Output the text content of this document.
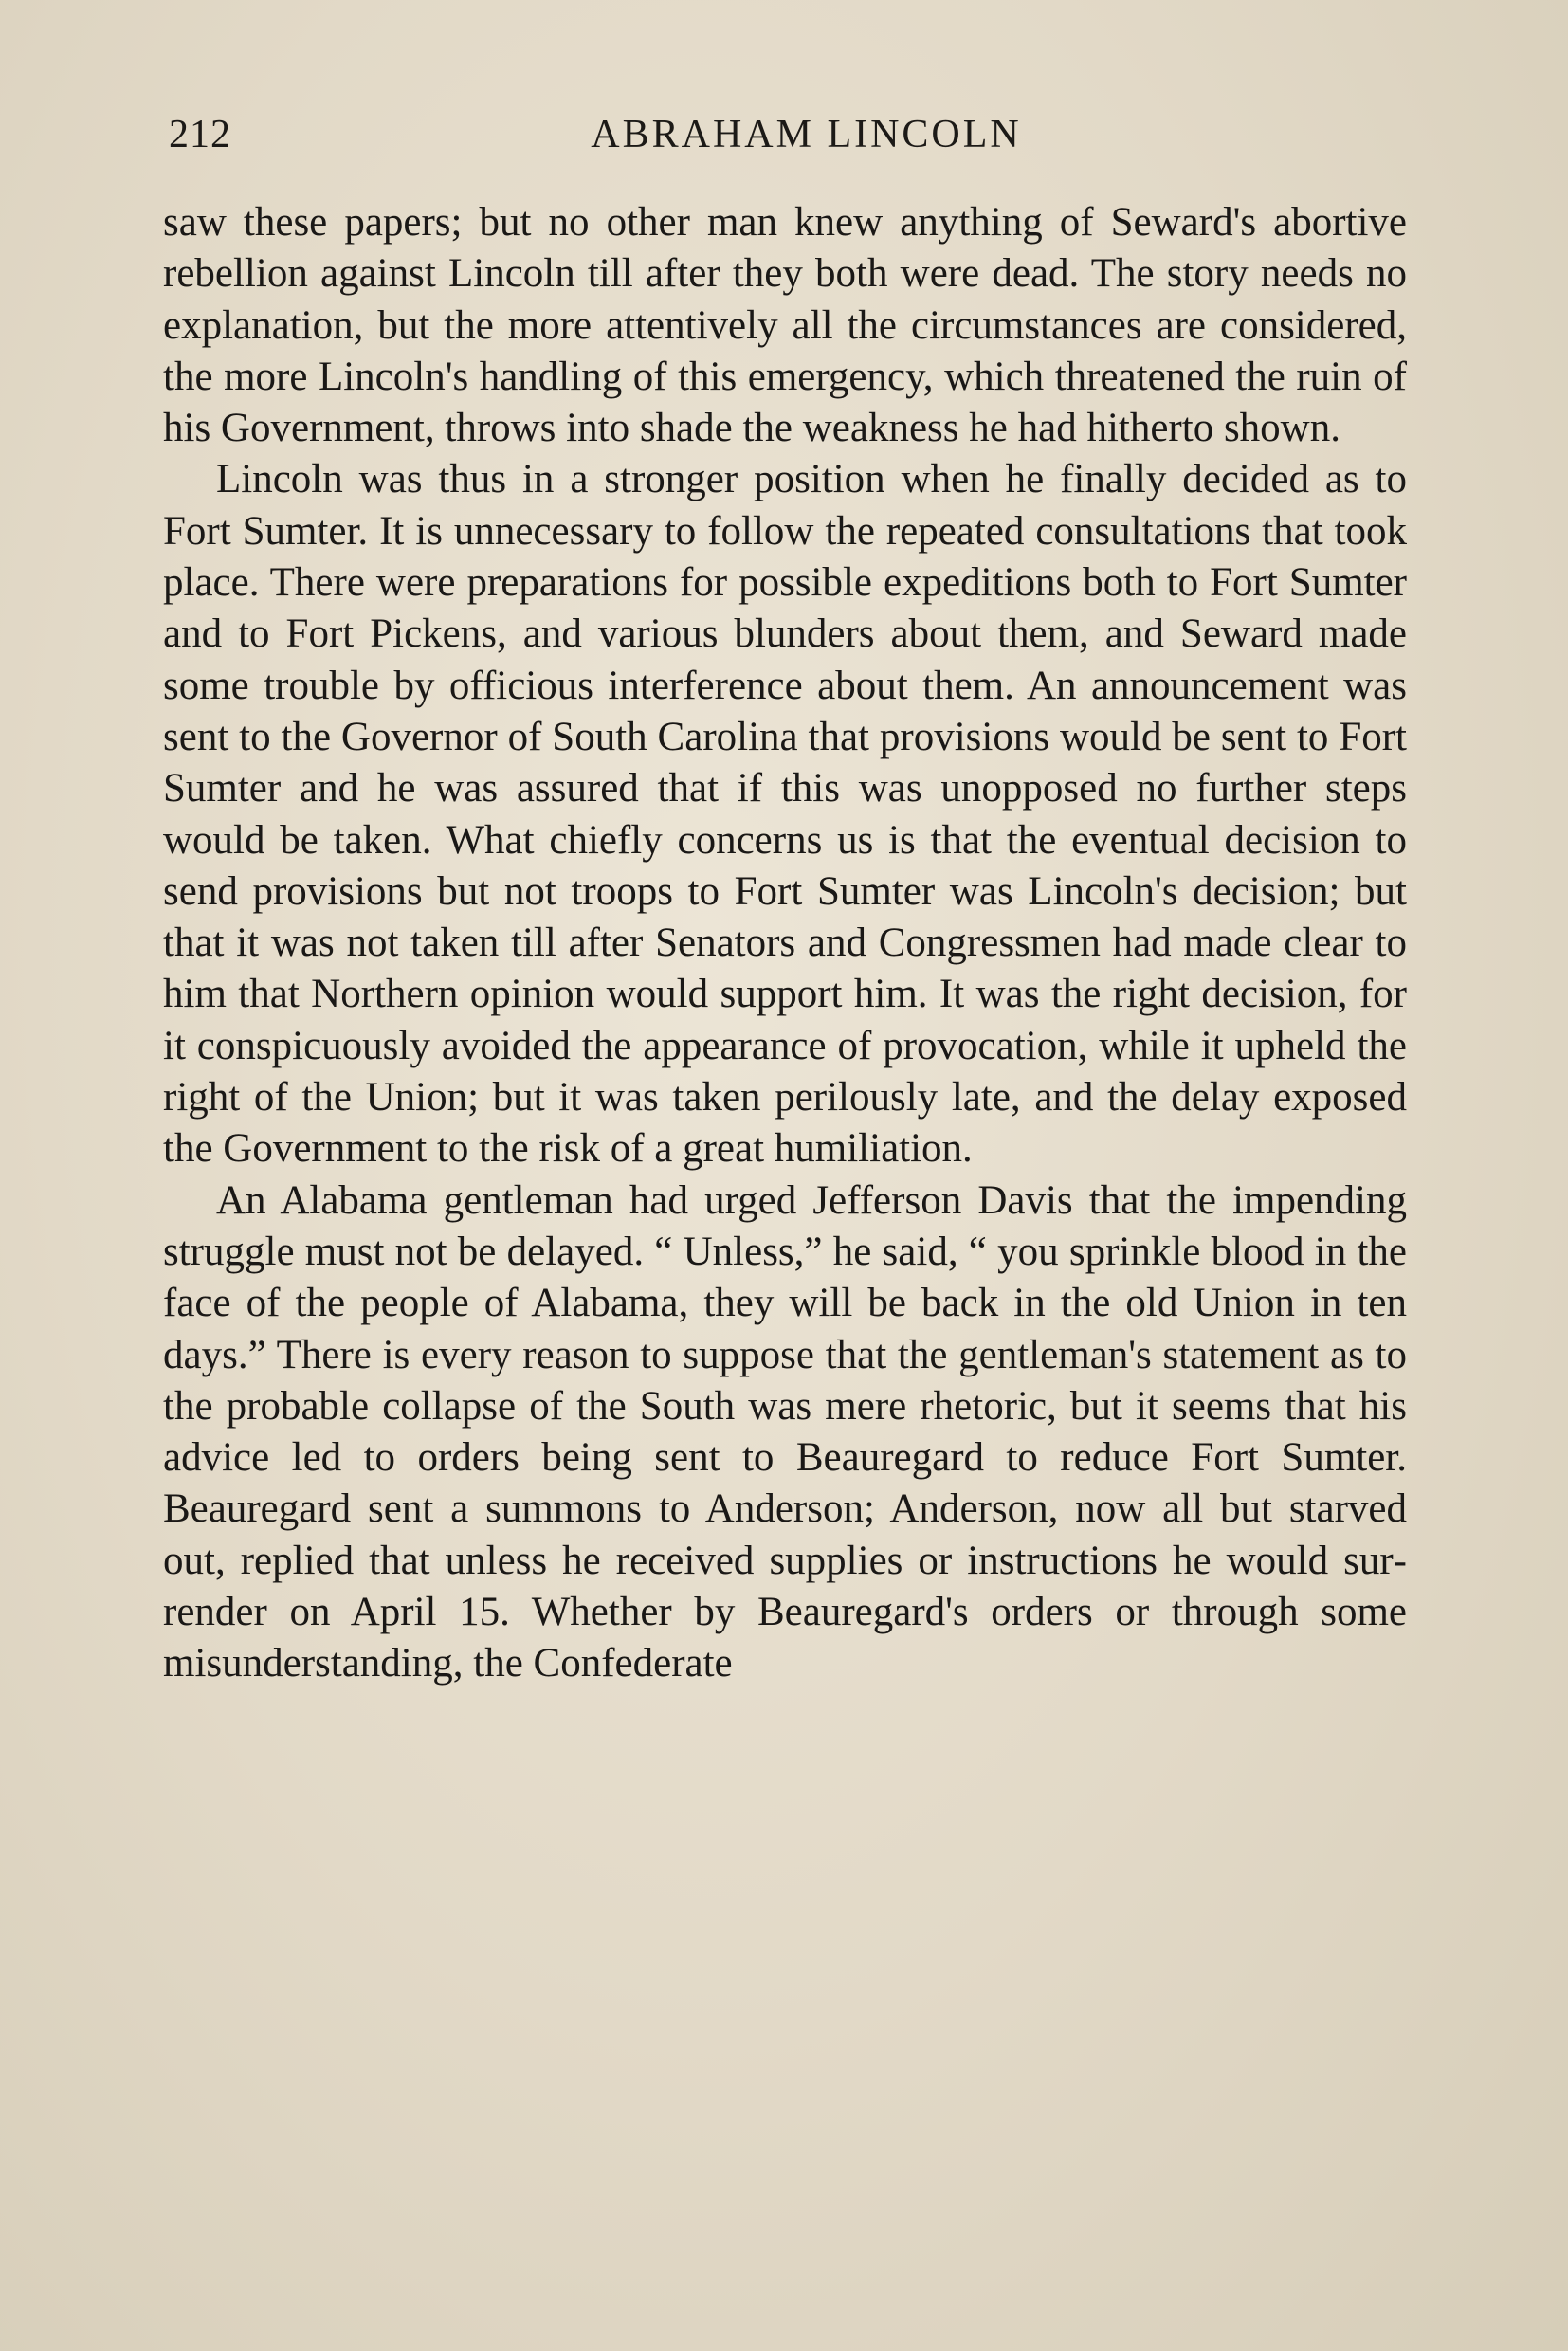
212	ABRAHAM LINCOLN

saw these papers; but no other man knew anything of Seward's abortive rebellion against Lincoln till after they both were dead. The story needs no explanation, but the more attentively all the circumstances are considered, the more Lincoln's handling of this emergency, which threatened the ruin of his Government, throws into shade the weakness he had hitherto shown.

Lincoln was thus in a stronger position when he finally decided as to Fort Sumter. It is unnecessary to follow the repeated consultations that took place. There were preparations for possible expeditions both to Fort Sumter and to Fort Pickens, and various blunders about them, and Seward made some trouble by officious interference about them. An announcement was sent to the Governor of South Carolina that provisions would be sent to Fort Sumter and he was assured that if this was unopposed no further steps would be taken. What chiefly concerns us is that the eventual decision to send provisions but not troops to Fort Sumter was Lincoln's decision; but that it was not taken till after Senators and Congressmen had made clear to him that Northern opinion would support him. It was the right decision, for it conspicuously avoided the appearance of provocation, while it upheld the right of the Union; but it was taken perilously late, and the delay exposed the Government to the risk of a great humiliation.

An Alabama gentleman had urged Jefferson Davis that the impending struggle must not be delayed. “ Unless,” he said, “ you sprinkle blood in the face of the people of Alabama, they will be back in the old Union in ten days.” There is every reason to suppose that the gentleman's statement as to the probable collapse of the South was mere rhetoric, but it seems that his advice led to orders being sent to Beauregard to reduce Fort Sumter. Beauregard sent a summons to Anderson; Anderson, now all but starved out, replied that unless he received supplies or instructions he would surrender on April 15. Whether by Beauregard's orders or through some misunderstanding, the Confederate
